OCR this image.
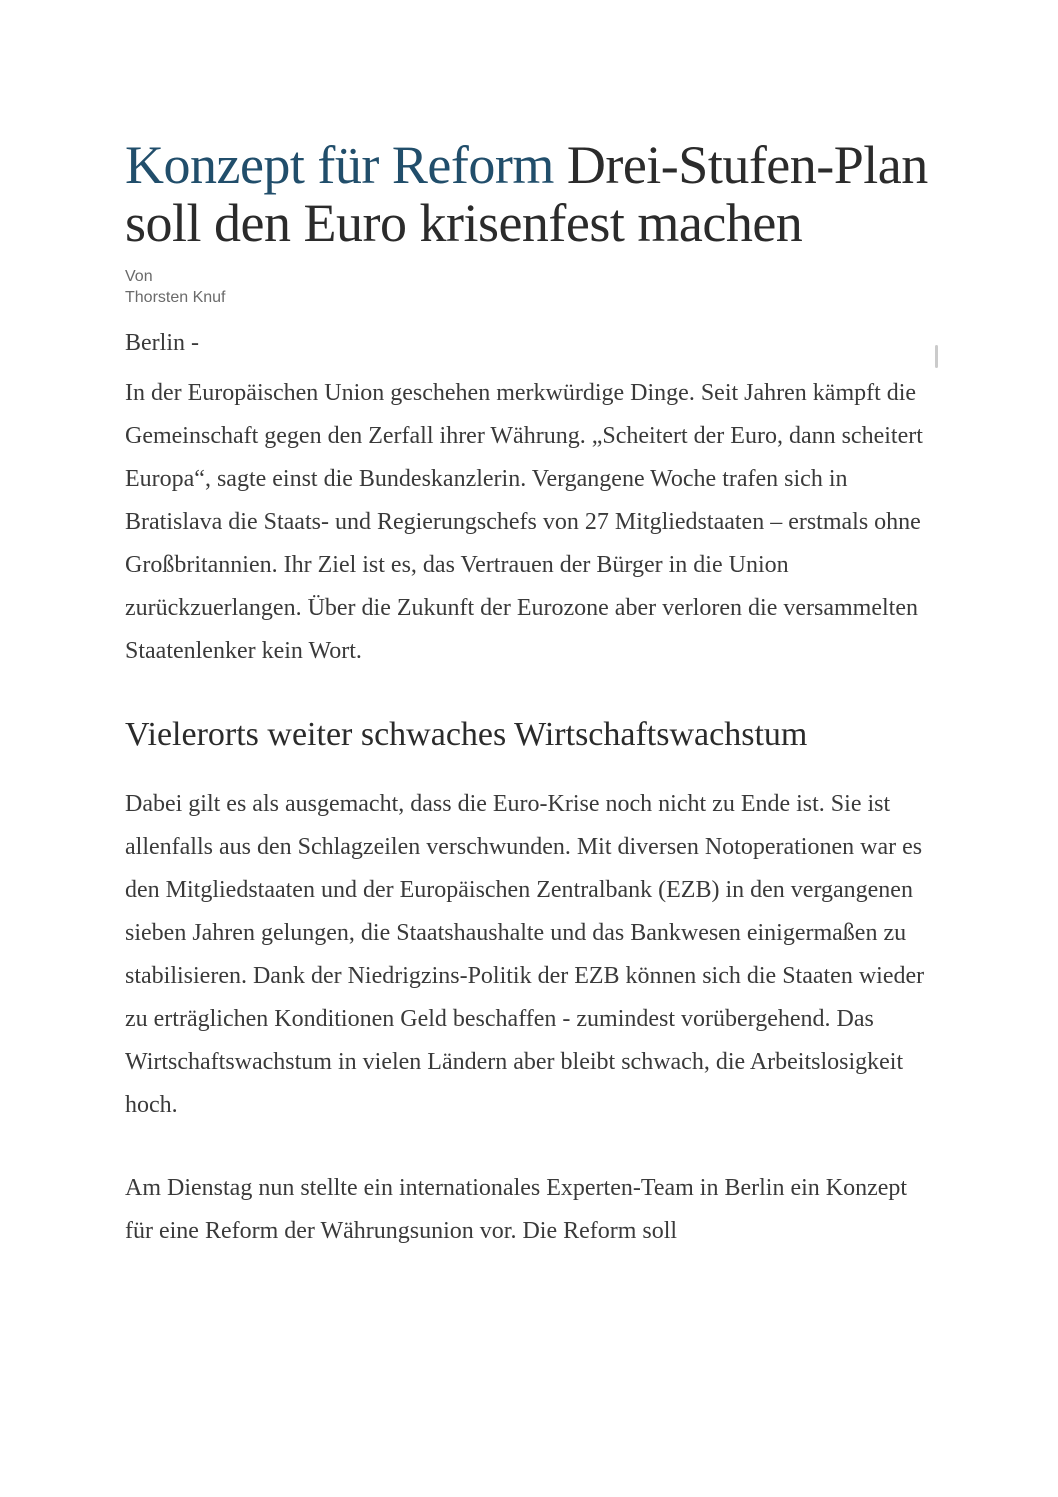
Konzept für Reform Drei-Stufen-Plan soll den Euro krisenfest machen
Von
Thorsten Knuf
Berlin -

In der Europäischen Union geschehen merkwürdige Dinge. Seit Jahren kämpft die Gemeinschaft gegen den Zerfall ihrer Währung. „Scheitert der Euro, dann scheitert Europa“, sagte einst die Bundeskanzlerin. Vergangene Woche trafen sich in Bratislava die Staats- und Regierungschefs von 27 Mitgliedstaaten – erstmals ohne Großbritannien. Ihr Ziel ist es, das Vertrauen der Bürger in die Union zurückzuerlangen. Über die Zukunft der Eurozone aber verloren die versammelten Staatenlenker kein Wort.

Vielerorts weiter schwaches Wirtschaftswachstum

Dabei gilt es als ausgemacht, dass die Euro-Krise noch nicht zu Ende ist. Sie ist allenfalls aus den Schlagzeilen verschwunden. Mit diversen Notoperationen war es den Mitgliedstaaten und der Europäischen Zentralbank (EZB) in den vergangenen sieben Jahren gelungen, die Staatshaushalte und das Bankwesen einigermaßen zu stabilisieren. Dank der Niedrigzins-Politik der EZB können sich die Staaten wieder zu erträglichen Konditionen Geld beschaffen - zumindest vorübergehend. Das Wirtschaftswachstum in vielen Ländern aber bleibt schwach, die Arbeitslosigkeit hoch.

Am Dienstag nun stellte ein internationales Experten-Team in Berlin ein Konzept für eine Reform der Währungsunion vor. Die Reform soll
